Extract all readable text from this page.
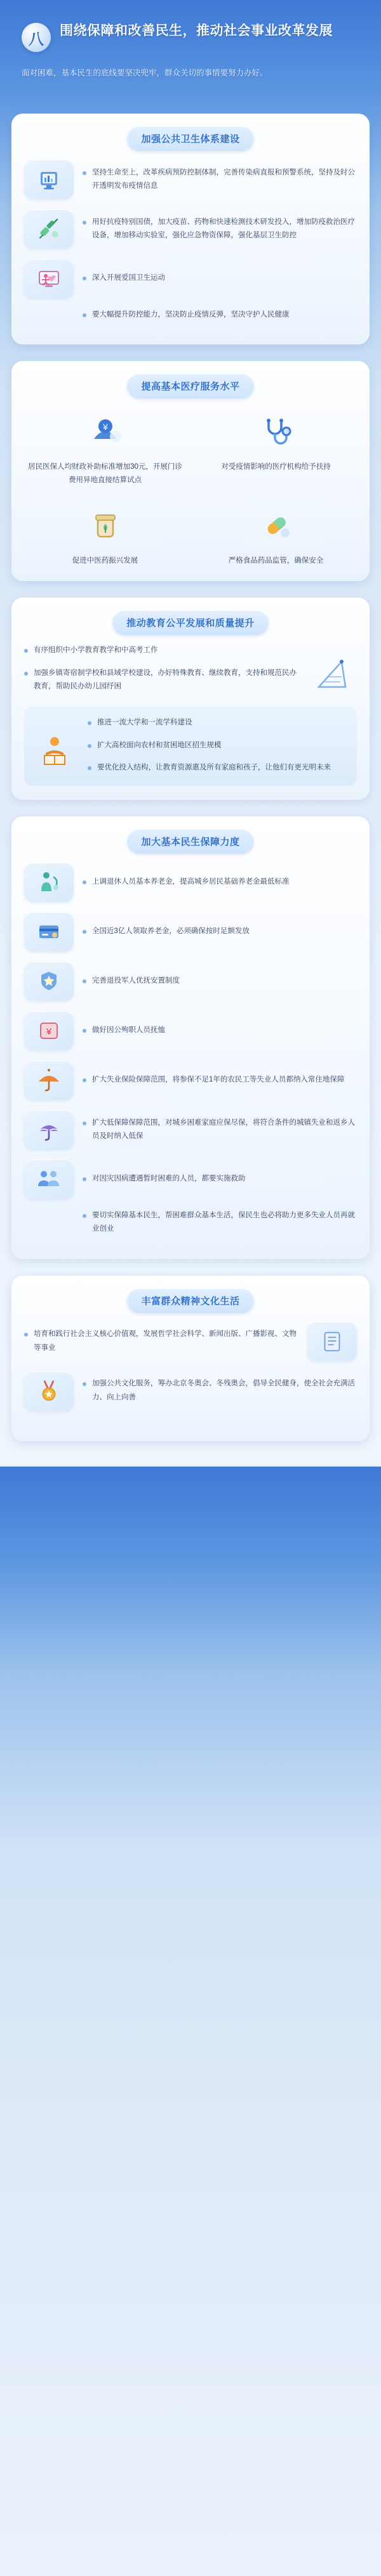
八	围绕保障和改善民生，推动社会事业改革发展
面对困难，基本民生的底线要坚决兜牢，群众关切的事情要努力办好。
加强公共卫生体系建设
坚持生命至上，改革疾病预防控制体制，完善传染病直报和预警系统，坚持及时公开透明发布疫情信息
用好抗疫特别国债，加大疫苗、药物和快速检测技术研发投入，增加防疫救治医疗设备，增加移动实验室，强化应急物资保障，强化基层卫生防控
深入开展爱国卫生运动
要大幅提升防控能力，坚决防止疫情反弹，坚决守护人民健康
提高基本医疗服务水平
¥
居民医保人均财政补助标准增加30元，开展门诊费用异地直接结算试点
对受疫情影响的医疗机构给予扶持
促进中医药振兴发展	严格食品药品监管，确保安全
推动教育公平发展和质量提升
有序组织中小学教育教学和中高考工作
加强乡镇寄宿制学校和县域学校建设，办好特殊教育、继续教育，支持和规范民办教育，帮助民办幼儿园纾困
推进一流大学和一流学科建设
扩大高校面向农村和贫困地区招生规模
要优化投入结构，让教育资源惠及所有家庭和孩子，让他们有更光明未来
加大基本民生保障力度
上调退休人员基本养老金，提高城乡居民基础养老金最低标准
全国近3亿人领取养老金，必须确保按时足额发放
完善退役军人优抚安置制度
¥	做好因公殉职人员抚恤
扩大失业保险保障范围，将参保不足1年的农民工等失业人员都纳入常住地保障
扩大低保障保障范围，对城乡困难家庭应保尽保，将符合条件的城镇失业和返乡人员及时纳入低保
对因灾因病遭遇暂时困难的人员，都要实施救助
要切实保障基本民生，帮困难群众基本生活，保民生也必将助力更多失业人员再就业创业
丰富群众精神文化生活
培育和践行社会主义核心价值观，发展哲学社会科学、新闻出版、广播影视、文物等事业
加强公共文化服务，筹办北京冬奥会、冬残奥会，倡导全民健身，使全社会充满活力、向上向善
